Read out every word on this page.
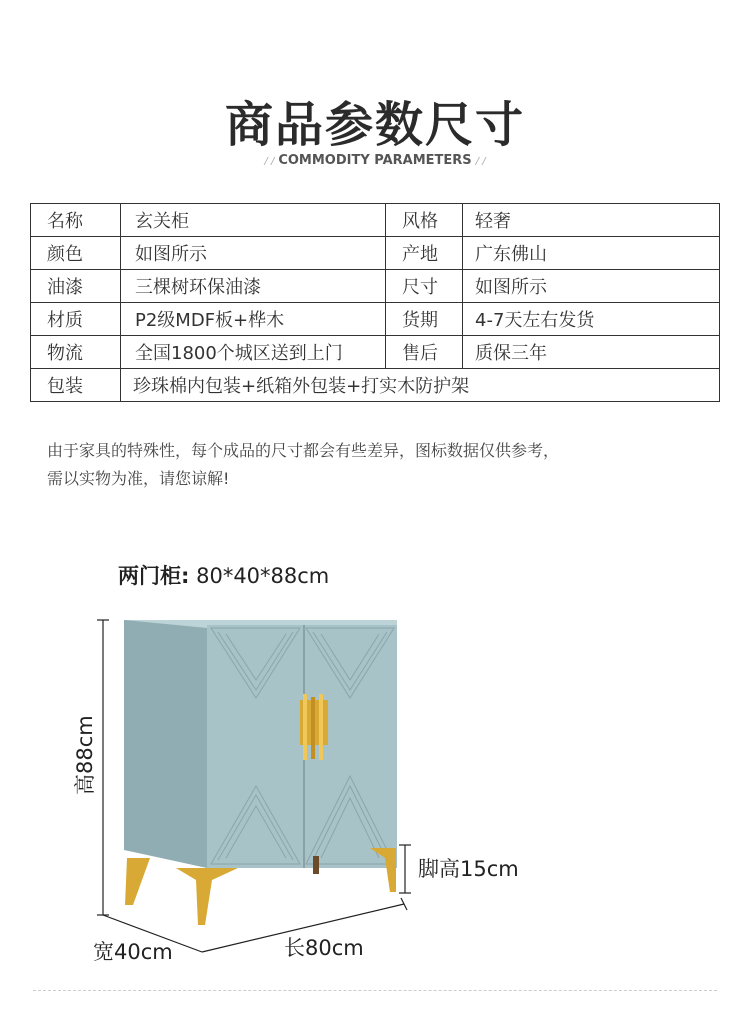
商品参数尺寸
/ / COMMODITY PARAMETERS / /
名称	玄关柜	风格	轻奢
颜色	如图所示	产地	广东佛山
油漆	三棵树环保油漆	尺寸	如图所示
材质	P2级MDF板+桦木	货期	4-7天左右发货
物流	全国1800个城区送到上门	售后	质保三年
包装	珍珠棉内包装+纸箱外包装+打实木防护架		
由于家具的特殊性，每个成品的尺寸都会有些差异，图标数据仅供参考，
需以实物为准，请您谅解!
两门柜: 80*40*88cm
高88cm
脚高15cm
宽40cm	长80cm
